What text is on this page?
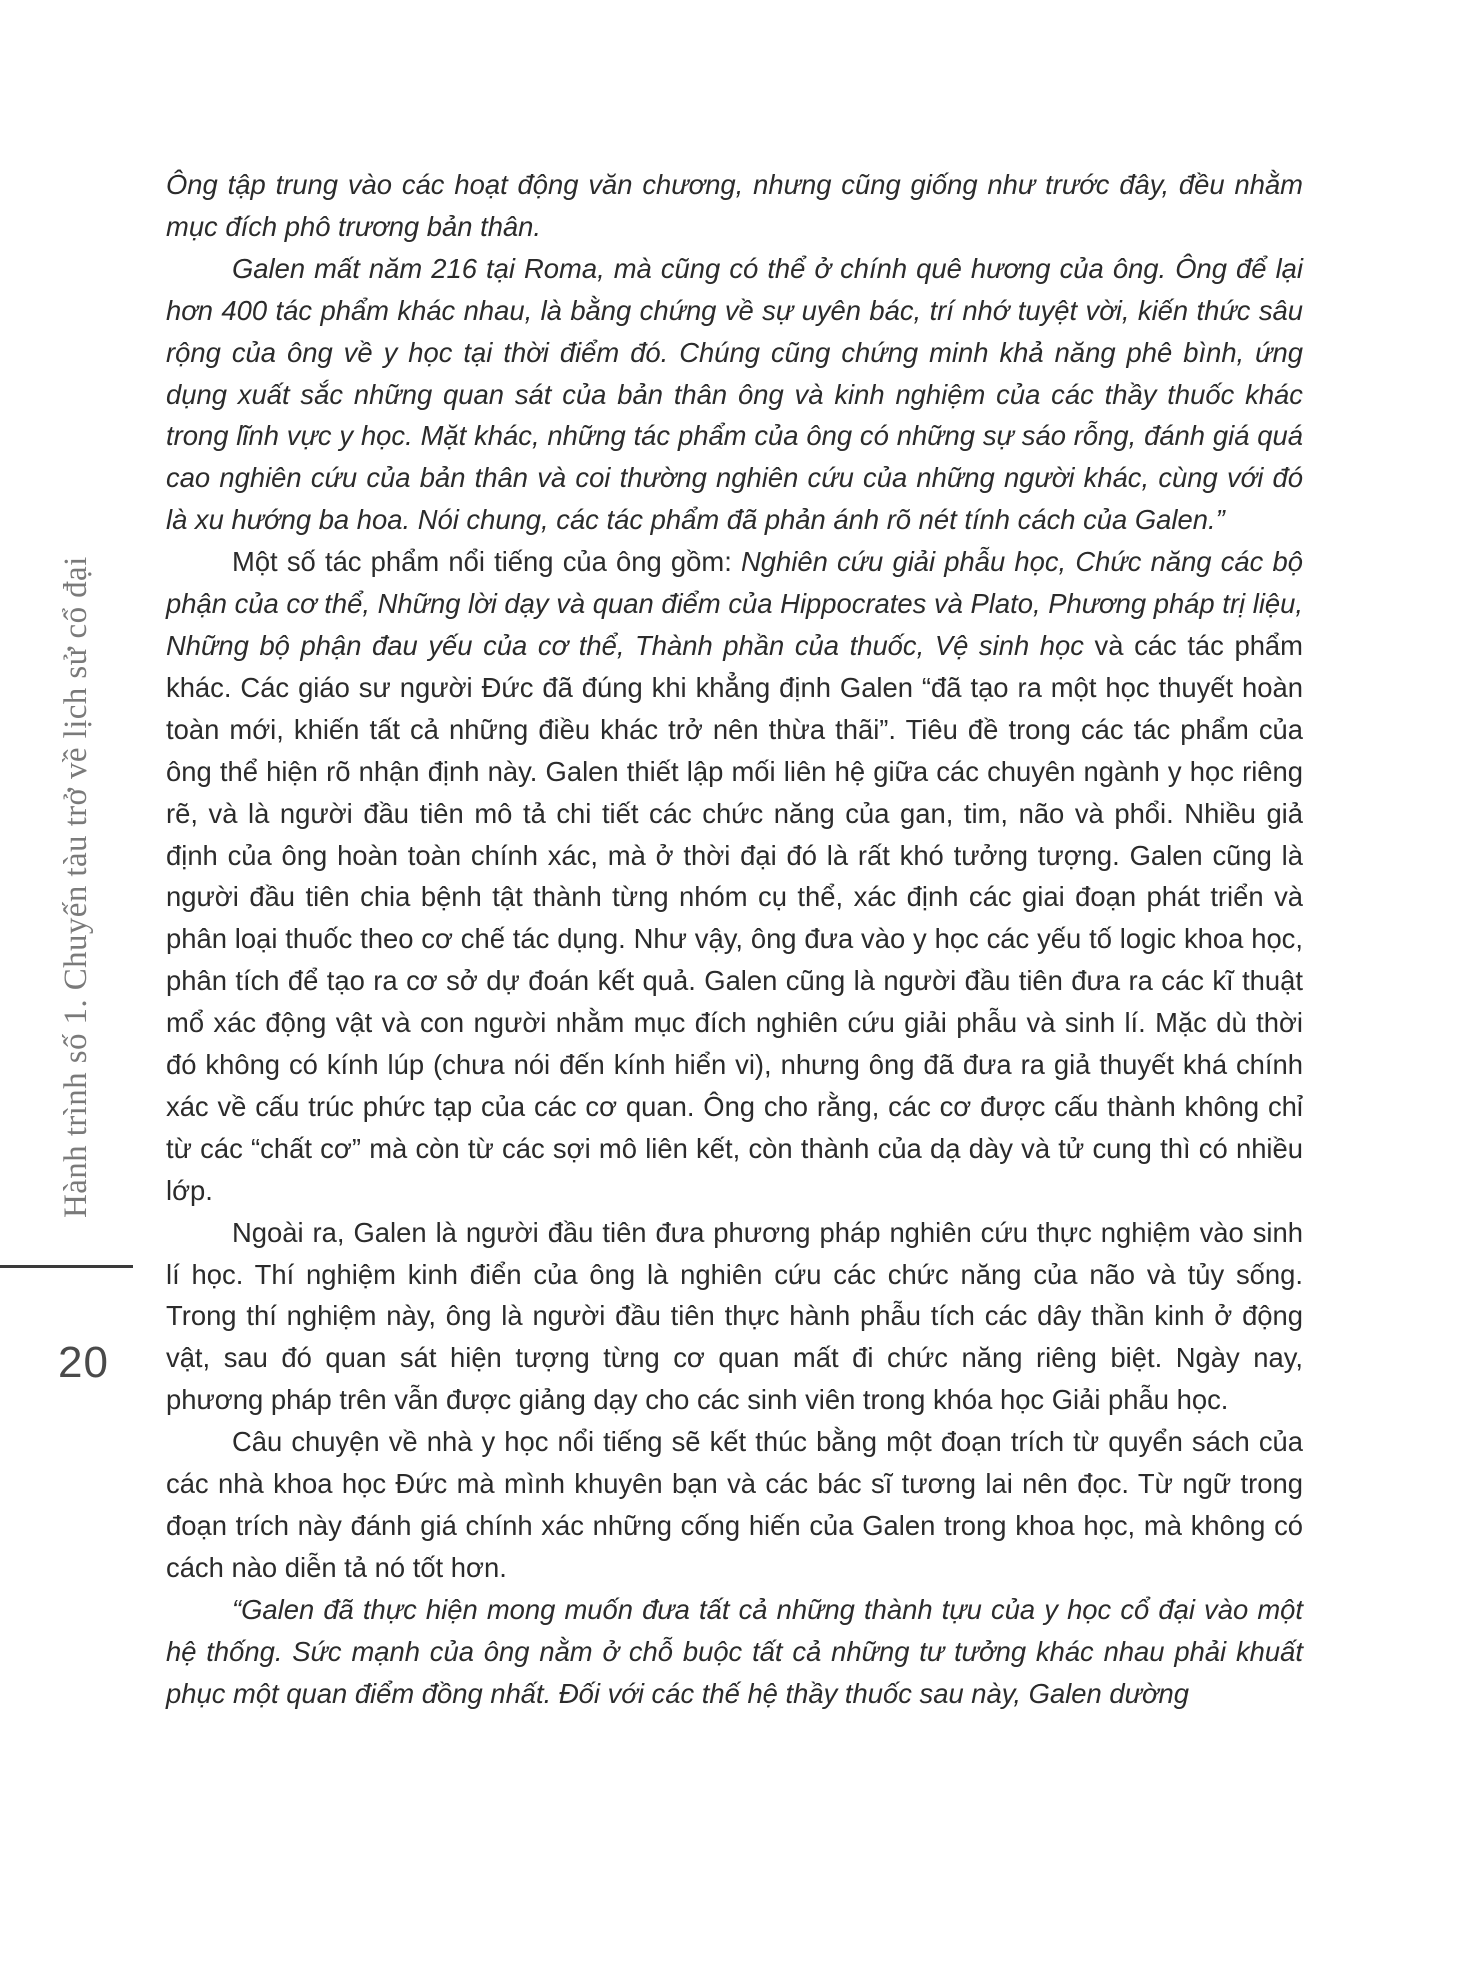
Hành trình số 1. Chuyến tàu trở về lịch sử cổ đại
20

Ông tập trung vào các hoạt động văn chương, nhưng cũng giống như trước đây, đều nhằm mục đích phô trương bản thân.

Galen mất năm 216 tại Roma, mà cũng có thể ở chính quê hương của ông. Ông để lại hơn 400 tác phẩm khác nhau, là bằng chứng về sự uyên bác, trí nhớ tuyệt vời, kiến thức sâu rộng của ông về y học tại thời điểm đó. Chúng cũng chứng minh khả năng phê bình, ứng dụng xuất sắc những quan sát của bản thân ông và kinh nghiệm của các thầy thuốc khác trong lĩnh vực y học. Mặt khác, những tác phẩm của ông có những sự sáo rỗng, đánh giá quá cao nghiên cứu của bản thân và coi thường nghiên cứu của những người khác, cùng với đó là xu hướng ba hoa. Nói chung, các tác phẩm đã phản ánh rõ nét tính cách của Galen.”

Một số tác phẩm nổi tiếng của ông gồm: Nghiên cứu giải phẫu học, Chức năng các bộ phận của cơ thể, Những lời dạy và quan điểm của Hippocrates và Plato, Phương pháp trị liệu, Những bộ phận đau yếu của cơ thể, Thành phần của thuốc, Vệ sinh học và các tác phẩm khác. Các giáo sư người Đức đã đúng khi khẳng định Galen “đã tạo ra một học thuyết hoàn toàn mới, khiến tất cả những điều khác trở nên thừa thãi”. Tiêu đề trong các tác phẩm của ông thể hiện rõ nhận định này. Galen thiết lập mối liên hệ giữa các chuyên ngành y học riêng rẽ, và là người đầu tiên mô tả chi tiết các chức năng của gan, tim, não và phổi. Nhiều giả định của ông hoàn toàn chính xác, mà ở thời đại đó là rất khó tưởng tượng. Galen cũng là người đầu tiên chia bệnh tật thành từng nhóm cụ thể, xác định các giai đoạn phát triển và phân loại thuốc theo cơ chế tác dụng. Như vậy, ông đưa vào y học các yếu tố logic khoa học, phân tích để tạo ra cơ sở dự đoán kết quả. Galen cũng là người đầu tiên đưa ra các kĩ thuật mổ xác động vật và con người nhằm mục đích nghiên cứu giải phẫu và sinh lí. Mặc dù thời đó không có kính lúp (chưa nói đến kính hiển vi), nhưng ông đã đưa ra giả thuyết khá chính xác về cấu trúc phức tạp của các cơ quan. Ông cho rằng, các cơ được cấu thành không chỉ từ các “chất cơ” mà còn từ các sợi mô liên kết, còn thành của dạ dày và tử cung thì có nhiều lớp.

Ngoài ra, Galen là người đầu tiên đưa phương pháp nghiên cứu thực nghiệm vào sinh lí học. Thí nghiệm kinh điển của ông là nghiên cứu các chức năng của não và tủy sống. Trong thí nghiệm này, ông là người đầu tiên thực hành phẫu tích các dây thần kinh ở động vật, sau đó quan sát hiện tượng từng cơ quan mất đi chức năng riêng biệt. Ngày nay, phương pháp trên vẫn được giảng dạy cho các sinh viên trong khóa học Giải phẫu học.

Câu chuyện về nhà y học nổi tiếng sẽ kết thúc bằng một đoạn trích từ quyển sách của các nhà khoa học Đức mà mình khuyên bạn và các bác sĩ tương lai nên đọc. Từ ngữ trong đoạn trích này đánh giá chính xác những cống hiến của Galen trong khoa học, mà không có cách nào diễn tả nó tốt hơn.

“Galen đã thực hiện mong muốn đưa tất cả những thành tựu của y học cổ đại vào một hệ thống. Sức mạnh của ông nằm ở chỗ buộc tất cả những tư tưởng khác nhau phải khuất phục một quan điểm đồng nhất. Đối với các thế hệ thầy thuốc sau này, Galen dường
